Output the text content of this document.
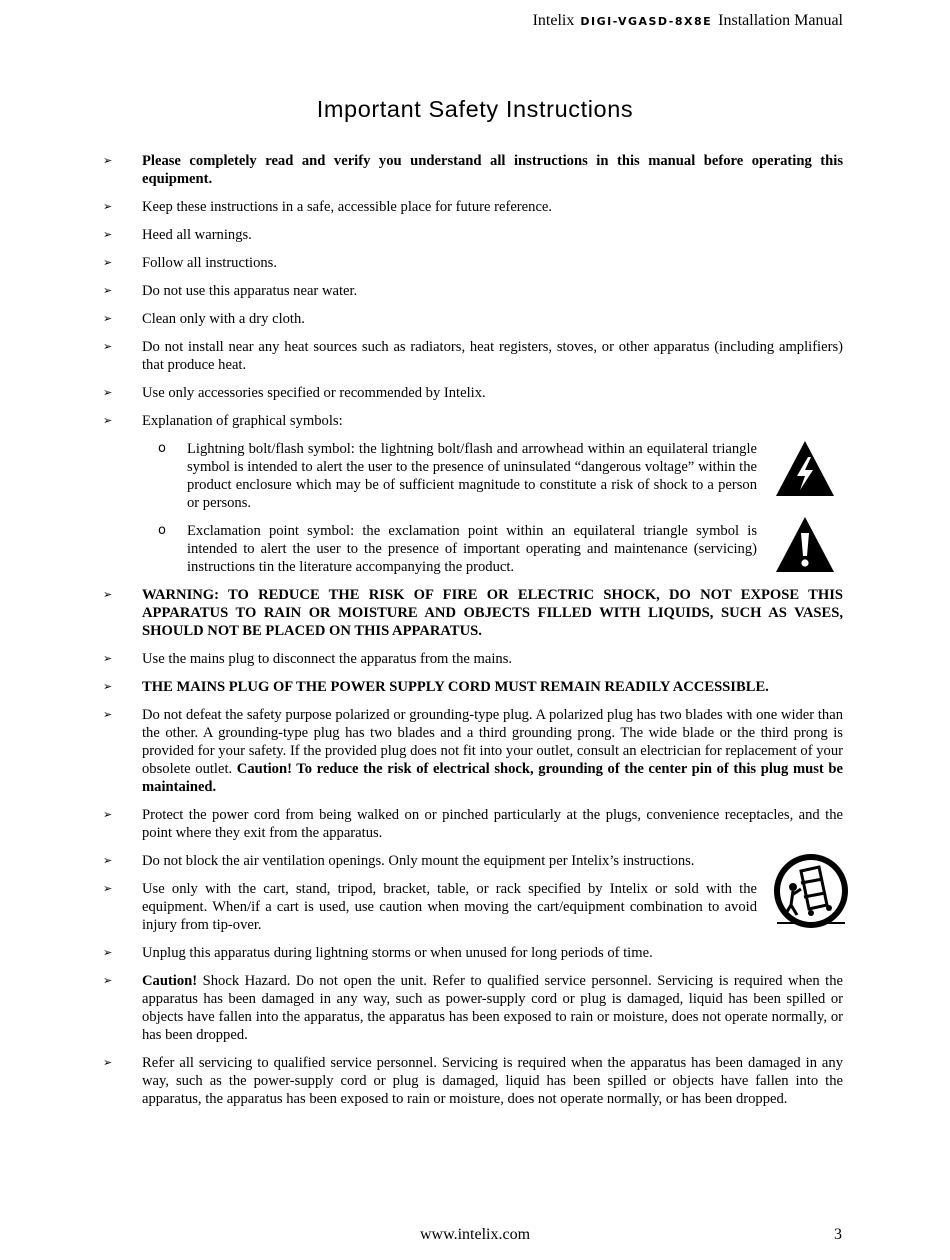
Intelix DIGI-VGASD-8X8E Installation Manual
Important Safety Instructions
➢ Please completely read and verify you understand all instructions in this manual before operating this equipment.
➢ Keep these instructions in a safe, accessible place for future reference.
➢ Heed all warnings.
➢ Follow all instructions.
➢ Do not use this apparatus near water.
➢ Clean only with a dry cloth.
➢ Do not install near any heat sources such as radiators, heat registers, stoves, or other apparatus (including amplifiers) that produce heat.
➢ Use only accessories specified or recommended by Intelix.
➢ Explanation of graphical symbols:
o Lightning bolt/flash symbol: the lightning bolt/flash and arrowhead within an equilateral triangle symbol is intended to alert the user to the presence of uninsulated “dangerous voltage” within the product enclosure which may be of sufficient magnitude to constitute a risk of shock to a person or persons.
o Exclamation point symbol: the exclamation point within an equilateral triangle symbol is intended to alert the user to the presence of important operating and maintenance (servicing) instructions tin the literature accompanying the product.
➢ WARNING: TO REDUCE THE RISK OF FIRE OR ELECTRIC SHOCK, DO NOT EXPOSE THIS APPARATUS TO RAIN OR MOISTURE AND OBJECTS FILLED WITH LIQUIDS, SUCH AS VASES, SHOULD NOT BE PLACED ON THIS APPARATUS.
➢ Use the mains plug to disconnect the apparatus from the mains.
➢ THE MAINS PLUG OF THE POWER SUPPLY CORD MUST REMAIN READILY ACCESSIBLE.
➢ Do not defeat the safety purpose polarized or grounding-type plug. A polarized plug has two blades with one wider than the other. A grounding-type plug has two blades and a third grounding prong. The wide blade or the third prong is provided for your safety. If the provided plug does not fit into your outlet, consult an electrician for replacement of your obsolete outlet. Caution! To reduce the risk of electrical shock, grounding of the center pin of this plug must be maintained.
➢ Protect the power cord from being walked on or pinched particularly at the plugs, convenience receptacles, and the point where they exit from the apparatus.
➢ Do not block the air ventilation openings. Only mount the equipment per Intelix’s instructions.
➢ Use only with the cart, stand, tripod, bracket, table, or rack specified by Intelix or sold with the equipment. When/if a cart is used, use caution when moving the cart/equipment combination to avoid injury from tip-over.
➢ Unplug this apparatus during lightning storms or when unused for long periods of time.
➢ Caution! Shock Hazard. Do not open the unit. Refer to qualified service personnel. Servicing is required when the apparatus has been damaged in any way, such as power-supply cord or plug is damaged, liquid has been spilled or objects have fallen into the apparatus, the apparatus has been exposed to rain or moisture, does not operate normally, or has been dropped.
➢ Refer all servicing to qualified service personnel. Servicing is required when the apparatus has been damaged in any way, such as the power-supply cord or plug is damaged, liquid has been spilled or objects have fallen into the apparatus, the apparatus has been exposed to rain or moisture, does not operate normally, or has been dropped.
www.intelix.com	3
